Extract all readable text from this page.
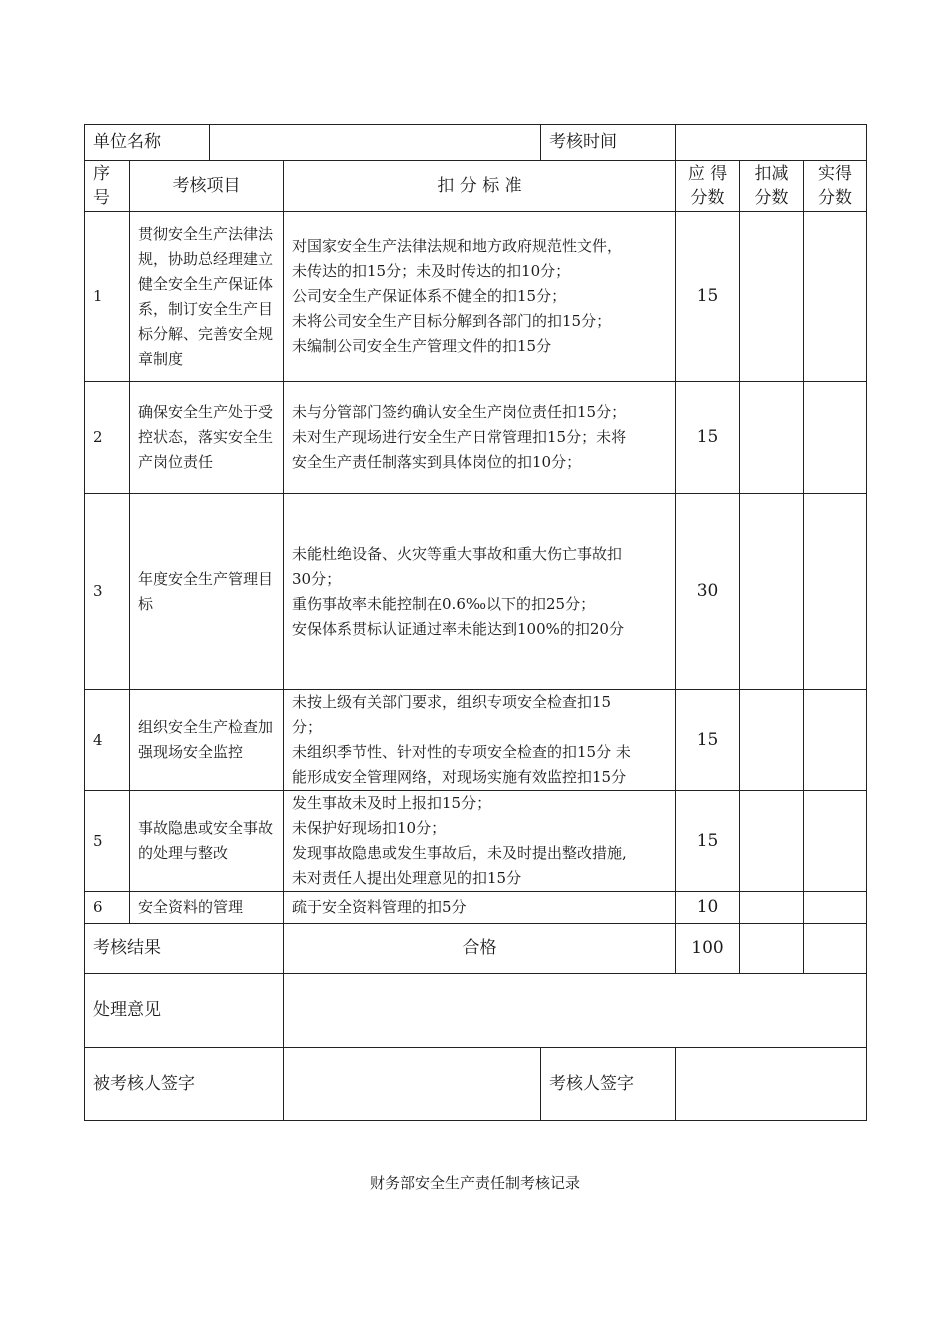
单位名称				考核时间			
序号	考核项目		扣 分 标 准		应 得分数	扣减分数	实得分数
1	贯彻安全生产法律法规，协助总经理建立健全安全生产保证体系，制订安全生产目标分解、完善安全规章制度		对国家安全生产法律法规和地方政府规范性文件，
未传达的扣15分；未及时传达的扣10分；
公司安全生产保证体系不健全的扣15分；
未将公司安全生产目标分解到各部门的扣15分；
未编制公司安全生产管理文件的扣15分		15		
2	确保安全生产处于受控状态，落实安全生产岗位责任		未与分管部门签约确认安全生产岗位责任扣15分；
未对生产现场进行安全生产日常管理扣15分；未将
安全生产责任制落实到具体岗位的扣10分；		15		
3	年度安全生产管理目标		未能杜绝设备、火灾等重大事故和重大伤亡事故扣
30分；
重伤事故率未能控制在0.6‰以下的扣25分；
安保体系贯标认证通过率未能达到100%的扣20分		30		
4	组织安全生产检查加强现场安全监控		未按上级有关部门要求，组织专项安全检查扣15
分；
未组织季节性、针对性的专项安全检查的扣15分 未
能形成安全管理网络，对现场实施有效监控扣15分		15		
5	事故隐患或安全事故的处理与整改		发生事故未及时上报扣15分；
未保护好现场扣10分；
发现事故隐患或发生事故后，未及时提出整改措施,
未对责任人提出处理意见的扣15分		15		
6	安全资料的管理		疏于安全资料管理的扣5分		10		
考核结果			合格		100		
处理意见							
被考核人签字				考核人签字			
财务部安全生产责任制考核记录
